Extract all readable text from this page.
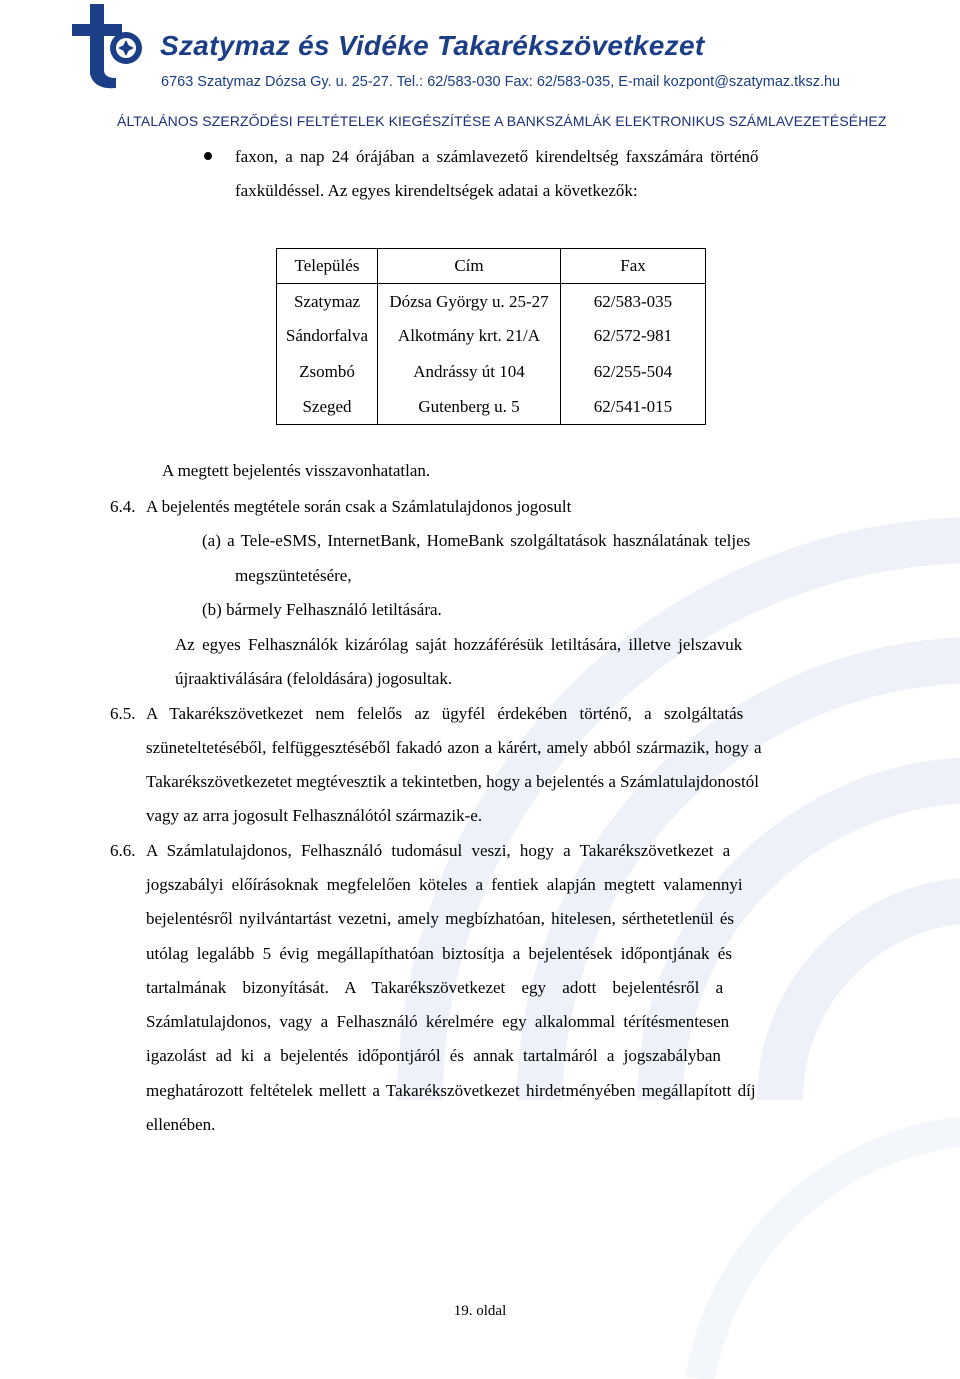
Szatymaz és Vidéke Takarékszövetkezet
6763 Szatymaz Dózsa Gy. u. 25-27. Tel.: 62/583-030 Fax: 62/583-035, E-mail kozpont@szatymaz.tksz.hu
ÁLTALÁNOS SZERZŐDÉSI FELTÉTELEK KIEGÉSZÍTÉSE A BANKSZÁMLÁK ELEKTRONIKUS SZÁMLAVEZETÉSÉHEZ
faxon, a nap 24 órájában a számlavezető kirendeltség faxszámára történő
faxküldéssel. Az egyes kirendeltségek adatai a következők:
Település	Cím	Fax
Szatymaz	Dózsa György u. 25-27	62/583-035
Sándorfalva	Alkotmány krt. 21/A	62/572-981
Zsombó	Andrássy út 104	62/255-504
Szeged	Gutenberg u. 5	62/541-015
A megtett bejelentés visszavonhatatlan.
6.4. A bejelentés megtétele során csak a Számlatulajdonos jogosult
(a) a Tele-eSMS, InternetBank, HomeBank szolgáltatások használatának teljes
megszüntetésére,
(b) bármely Felhasználó letiltására.
Az egyes Felhasználók kizárólag saját hozzáférésük letiltására, illetve jelszavuk
újraaktiválására (feloldására) jogosultak.
6.5. A Takarékszövetkezet nem felelős az ügyfél érdekében történő, a szolgáltatás
szüneteltetéséből, felfüggesztéséből fakadó azon a kárért, amely abból származik, hogy a
Takarékszövetkezetet megtévesztik a tekintetben, hogy a bejelentés a Számlatulajdonostól
vagy az arra jogosult Felhasználótól származik-e.
6.6. A Számlatulajdonos, Felhasználó tudomásul veszi, hogy a Takarékszövetkezet a
jogszabályi előírásoknak megfelelően köteles a fentiek alapján megtett valamennyi
bejelentésről nyilvántartást vezetni, amely megbízhatóan, hitelesen, sérthetetlenül és
utólag legalább 5 évig megállapíthatóan biztosítja a bejelentések időpontjának és
tartalmának bizonyítását. A Takarékszövetkezet egy adott bejelentésről a
Számlatulajdonos, vagy a Felhasználó kérelmére egy alkalommal térítésmentesen
igazolást ad ki a bejelentés időpontjáról és annak tartalmáról a jogszabályban
meghatározott feltételek mellett a Takarékszövetkezet hirdetményében megállapított díj
ellenében.
19. oldal
